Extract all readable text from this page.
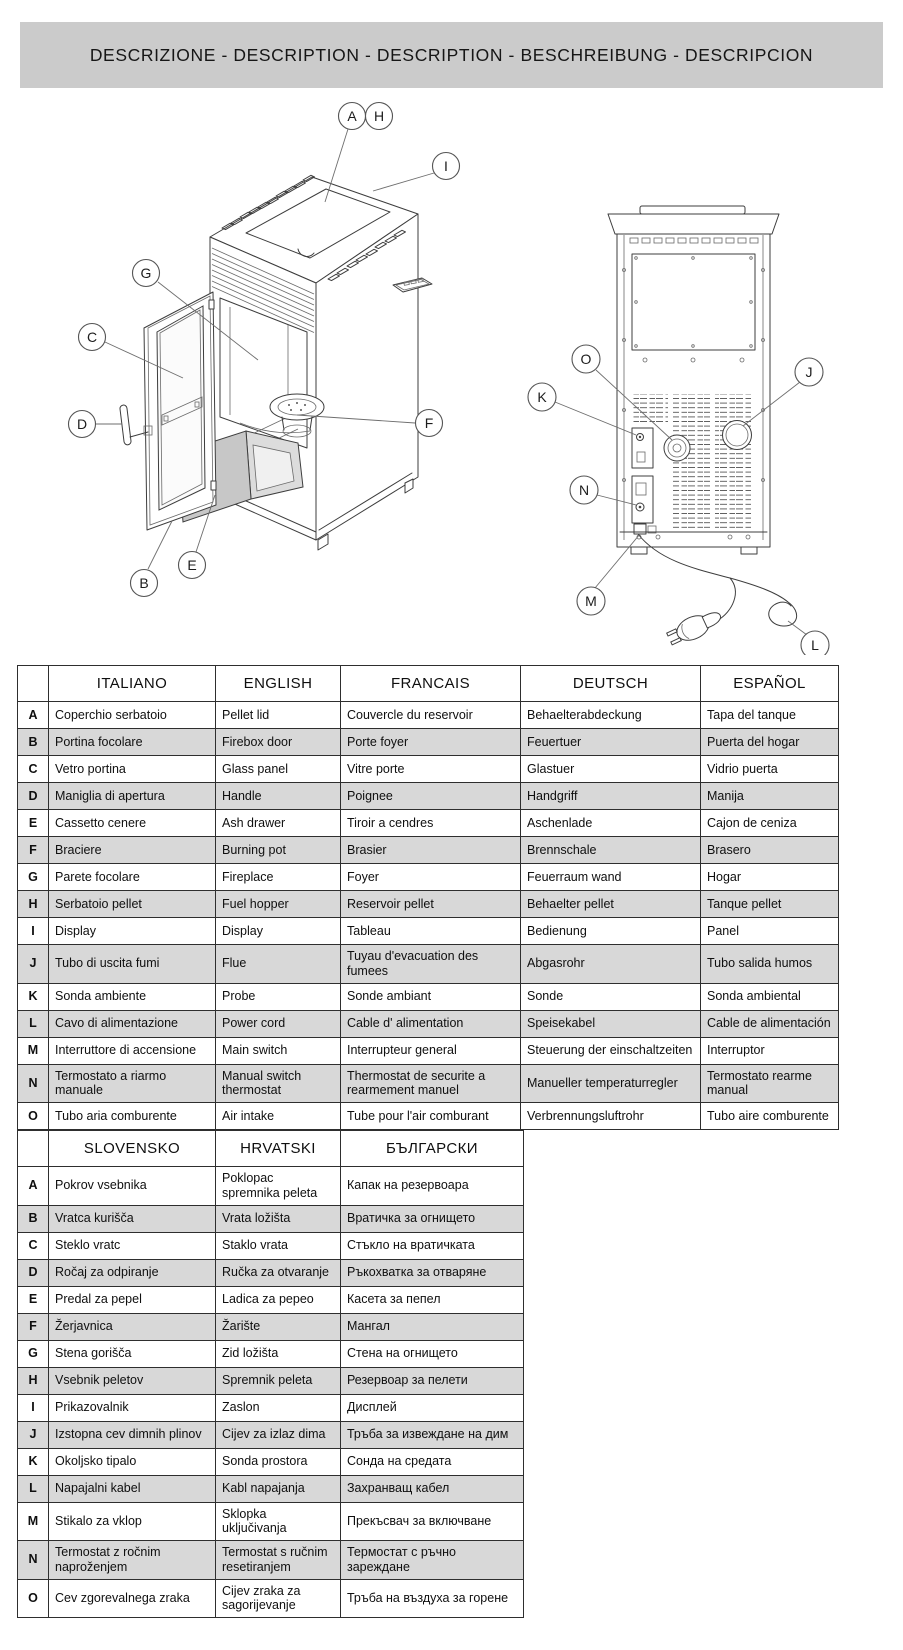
DESCRIZIONE - DESCRIPTION - DESCRIPTION - BESCHREIBUNG - DESCRIPCION
A H
I
G
C
D	F
E
B
O
K
J
N
M
L
	ITALIANO	ENGLISH	FRANCAIS	DEUTSCH	ESPAÑOL
A	Coperchio serbatoio	Pellet lid	Couvercle du reservoir	Behaelterabdeckung	Tapa del tanque
B	Portina focolare	Firebox door	Porte foyer	Feuertuer	Puerta del hogar
C	Vetro portina	Glass panel	Vitre porte	Glastuer	Vidrio puerta
D	Maniglia di apertura	Handle	Poignee	Handgriff	Manija
E	Cassetto cenere	Ash drawer	Tiroir a cendres	Aschenlade	Cajon de ceniza
F	Braciere	Burning pot	Brasier	Brennschale	Brasero
G	Parete focolare	Fireplace	Foyer	Feuerraum wand	Hogar
H	Serbatoio pellet	Fuel hopper	Reservoir pellet	Behaelter pellet	Tanque pellet
I	Display	Display	Tableau	Bedienung	Panel
J	Tubo di uscita fumi	Flue	Tuyau d'evacuation des fumees	Abgasrohr	Tubo salida humos
K	Sonda ambiente	Probe	Sonde ambiant	Sonde	Sonda ambiental
L	Cavo di alimentazione	Power cord	Cable d' alimentation	Speisekabel	Cable de alimentación
M	Interruttore di accensione	Main switch	Interrupteur general	Steuerung der einschaltzeiten	Interruptor
N	Termostato a riarmo manuale	Manual switch thermostat	Thermostat de securite a rearmement manuel	Manueller temperaturregler	Termostato rearme manual
O	Tubo aria comburente	Air intake	Tube pour l'air comburant	Verbrennungsluftrohr	Tubo aire comburente
	SLOVENSKO	HRVATSKI	БЪЛГАРСКИ
A	Pokrov vsebnika	Poklopac spremnika peleta	Капак на резервоара
B	Vratca kurišča	Vrata ložišta	Вратичка за огнището
C	Steklo vratc	Staklo vrata	Стъкло на вратичката
D	Ročaj za odpiranje	Ručka za otvaranje	Ръкохватка за отваряне
E	Predal za pepel	Ladica za pepeo	Касета за пепел
F	Žerjavnica	Žarište	Мангал
G	Stena gorišča	Zid ložišta	Стена на огнището
H	Vsebnik peletov	Spremnik peleta	Резервоар за пелети
I	Prikazovalnik	Zaslon	Дисплей
J	Izstopna cev dimnih plinov	Cijev za izlaz dima	Тръба за извеждане на дим
K	Okoljsko tipalo	Sonda prostora	Сонда на средата
L	Napajalni kabel	Kabl napajanja	Захранващ кабел
M	Stikalo za vklop	Sklopka uključivanja	Прекъсвач за включване
N	Termostat z ročnim naproženjem	Termostat s ručnim resetiranjem	Термостат с ръчно зареждане
O	Cev zgorevalnega zraka	Cijev zraka za sagorijevanje	Тръба на въздуха за горене
